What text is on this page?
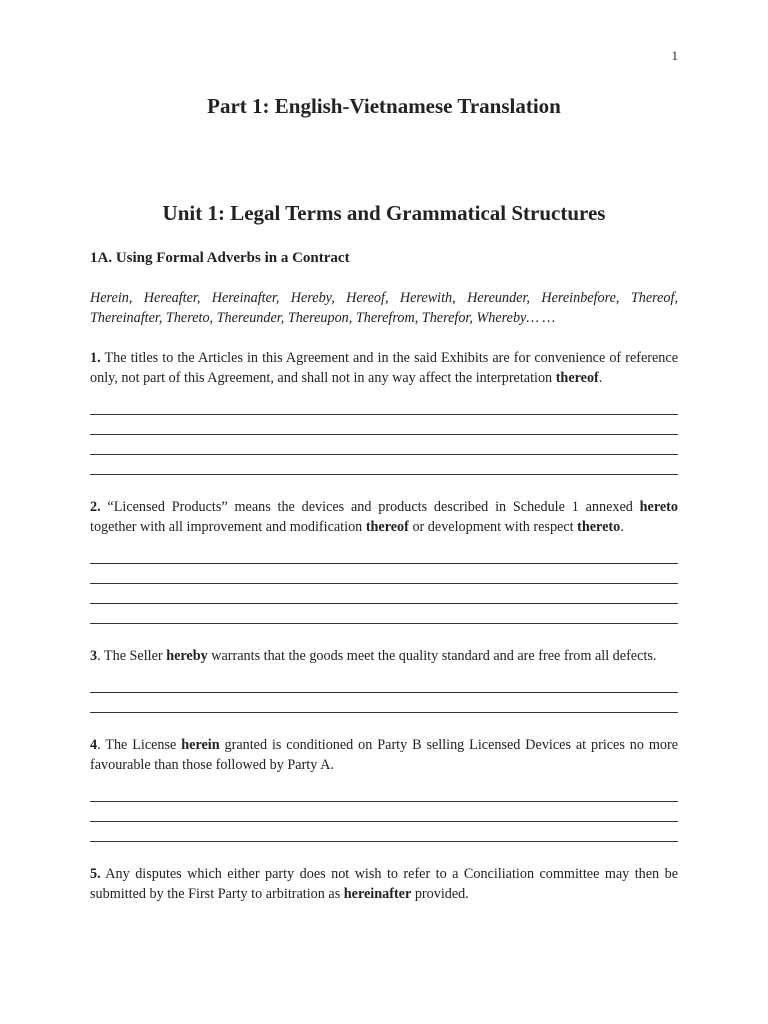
1
Part 1: English-Vietnamese Translation
Unit 1: Legal Terms and Grammatical Structures
1A. Using Formal Adverbs in a Contract
Herein, Hereafter, Hereinafter, Hereby, Hereof, Herewith, Hereunder, Hereinbefore, Thereof, Thereinafter, Thereto, Thereunder, Thereupon, Therefrom, Therefor, Whereby… …

1. The titles to the Articles in this Agreement and in the said Exhibits are for convenience of reference only, not part of this Agreement, and shall not in any way affect the interpretation thereof.

2. “Licensed Products” means the devices and products described in Schedule 1 annexed hereto together with all improvement and modification thereof or development with respect thereto.

3. The Seller hereby warrants that the goods meet the quality standard and are free from all defects.

4. The License herein granted is conditioned on Party B selling Licensed Devices at prices no more favourable than those followed by Party A.

5. Any disputes which either party does not wish to refer to a Conciliation committee may then be submitted by the First Party to arbitration as hereinafter provided.
